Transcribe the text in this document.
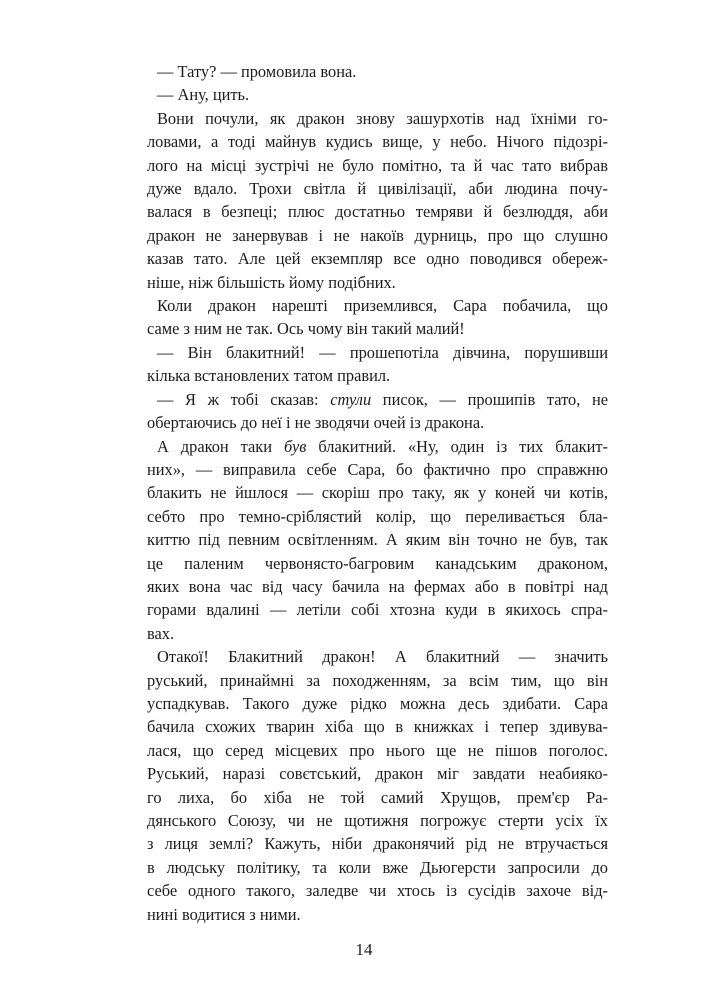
— Тату? — промовила вона.

— Ану, цить.

Вони почули, як дракон знову зашурхотів над їхніми го-
ловами, а тоді майнув кудись вище, у небо. Нічого підозрі-
лого на місці зустрічі не було помітно, та й час тато вибрав
дуже вдало. Трохи світла й цивілізації, аби людина почу-
валася в безпеці; плюс достатньо темряви й безлюддя, аби
дракон не занервував і не накоїв дурниць, про що слушно
казав тато. Але цей екземпляр все одно поводився обереж-
ніше, ніж більшість йому подібних.

Коли дракон нарешті приземлився, Сара побачила, що
саме з ним не так. Ось чому він такий малий!

— Він блакитний! — прошепотіла дівчина, порушивши
кілька встановлених татом правил.

— Я ж тобі сказав: стули писок, — прошипів тато, не
обертаючись до неї і не зводячи очей із дракона.

А дракон таки був блакитний. «Ну, один із тих блакит-
них», — виправила себе Сара, бо фактично про справжню
блакить не йшлося — скоріш про таку, як у коней чи котів,
себто про темно-сріблястий колір, що переливається блa-
киттю під певним освітленням. А яким він точно не був, так
це паленим червонясто-багровим канадським драконом,
яких вона час від часу бачила на фермах або в повітрі над
горами вдалині — летіли собі хтозна куди в якихось спра-
вах.

Отакої! Блакитний дракон! А блакитний — значить
руський, принаймні за походженням, за всім тим, що він
успадкував. Такого дуже рідко можна десь здибати. Сара
бачила схожих тварин хіба що в книжках і тепер здивува-
лася, що серед місцевих про нього ще не пішов поголос.
Руський, наразі совєтський, дракон міг завдати неабияко-
го лиха, бо хіба не той самий Хрущов, прем'єр Ра-
дянського Союзу, чи не щотижня погрожує стерти усіх їх
з лиця землі? Кажуть, ніби драконячий рід не втручається
в людську політику, та коли вже Дьюгерсти запросили до
себе одного такого, заледве чи хтось із сусідів захоче від-
нині водитися з ними.

14
